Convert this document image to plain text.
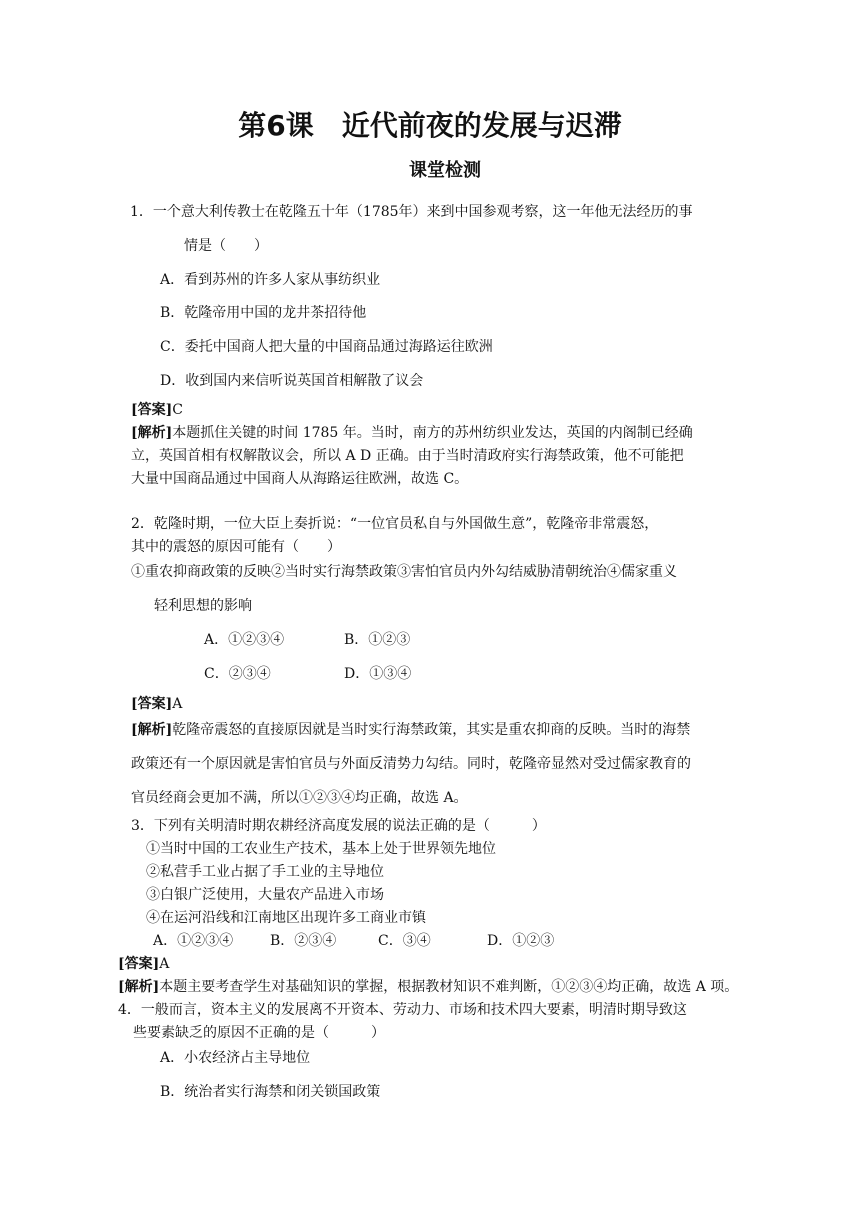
第6课　近代前夜的发展与迟滞
课堂检测
1．一个意大利传教士在乾隆五十年（1785年）来到中国参观考察，这一年他无法经历的事
情是（　　）
A．看到苏州的许多人家从事纺织业
B．乾隆帝用中国的龙井茶招待他
C．委托中国商人把大量的中国商品通过海路运往欧洲
D．收到国内来信听说英国首相解散了议会
[答案]C
[解析]本题抓住关键的时间 1785 年。当时，南方的苏州纺织业发达，英国的内阁制已经确
立，英国首相有权解散议会，所以 A D 正确。由于当时清政府实行海禁政策，他不可能把
大量中国商品通过中国商人从海路运往欧洲，故选 C。
2．乾隆时期，一位大臣上奏折说：“一位官员私自与外国做生意”，乾隆帝非常震怒，
其中的震怒的原因可能有（　　）
①重农抑商政策的反映②当时实行海禁政策③害怕官员内外勾结威胁清朝统治④儒家重义
轻利思想的影响
A．①②③④	B．①②③
C．②③④	D．①③④
[答案]A
[解析]乾隆帝震怒的直接原因就是当时实行海禁政策，其实是重农抑商的反映。当时的海禁
政策还有一个原因就是害怕官员与外面反清势力勾结。同时，乾隆帝显然对受过儒家教育的
官员经商会更加不满，所以①②③④均正确，故选 A。
3．下列有关明清时期农耕经济高度发展的说法正确的是（　　　）
①当时中国的工农业生产技术，基本上处于世界领先地位
②私营手工业占据了手工业的主导地位
③白银广泛使用，大量农产品进入市场
④在运河沿线和江南地区出现许多工商业市镇
A．①②③④	B．②③④	C．③④	D．①②③
[答案]A
[解析]本题主要考查学生对基础知识的掌握，根据教材知识不难判断，①②③④均正确，故选 A 项。
4．一般而言，资本主义的发展离不开资本、劳动力、市场和技术四大要素，明清时期导致这
些要素缺乏的原因不正确的是（　　　）
A．小农经济占主导地位
B．统治者实行海禁和闭关锁国政策
